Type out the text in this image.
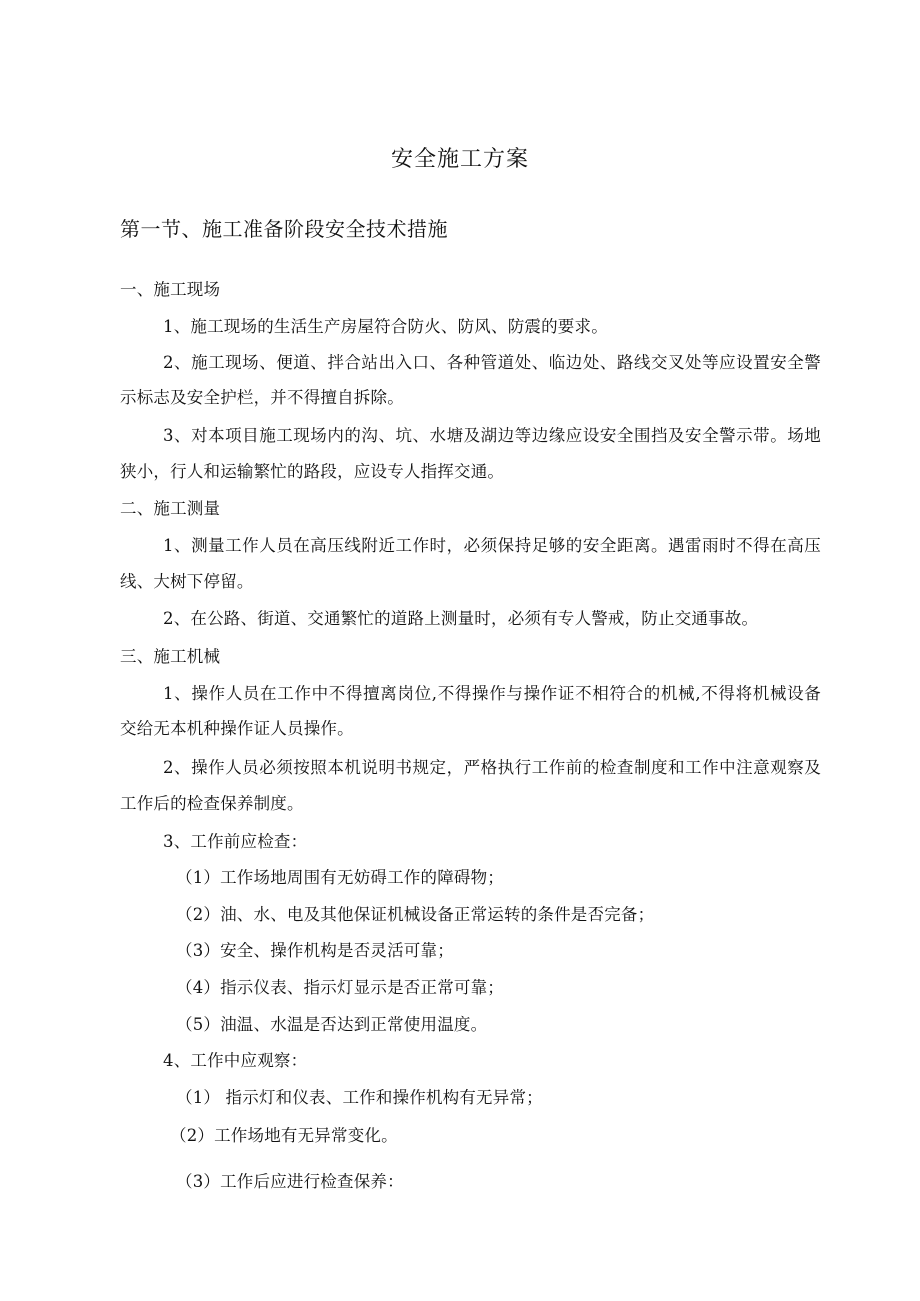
安全施工方案
第一节、施工准备阶段安全技术措施
一、施工现场
1、施工现场的生活生产房屋符合防火、防风、防震的要求。
2、施工现场、便道、拌合站出入口、各种管道处、临边处、路线交叉处等应设置安全警
示标志及安全护栏，并不得擅自拆除。
3、对本项目施工现场内的沟、坑、水塘及湖边等边缘应设安全围挡及安全警示带。场地
狭小，行人和运输繁忙的路段，应设专人指挥交通。
二、施工测量
1、测量工作人员在高压线附近工作时，必须保持足够的安全距离。遇雷雨时不得在高压
线、大树下停留。
2、在公路、街道、交通繁忙的道路上测量时，必须有专人警戒，防止交通事故。
三、施工机械
1、操作人员在工作中不得擅离岗位,不得操作与操作证不相符合的机械,不得将机械设备
交给无本机种操作证人员操作。
2、操作人员必须按照本机说明书规定，严格执行工作前的检查制度和工作中注意观察及
工作后的检查保养制度。
3、工作前应检查：
（1）工作场地周围有无妨碍工作的障碍物；
（2）油、水、电及其他保证机械设备正常运转的条件是否完备；
（3）安全、操作机构是否灵活可靠；
（4）指示仪表、指示灯显示是否正常可靠；
（5）油温、水温是否达到正常使用温度。
4、工作中应观察：
（1） 指示灯和仪表、工作和操作机构有无异常；
（2）工作场地有无异常变化。
（3）工作后应进行检查保养：
